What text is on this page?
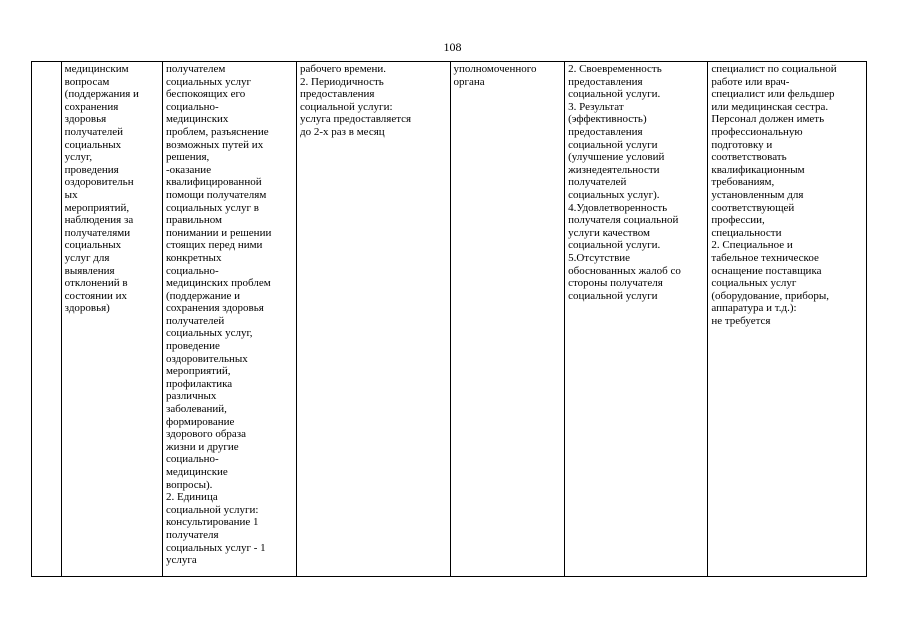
108
	медицинским
вопросам
(поддержания и
сохранения
здоровья
получателей
социальных
услуг,
проведения
оздоровительн
ых
мероприятий,
наблюдения за
получателями
социальных
услуг для
выявления
отклонений в
состоянии их
здоровья)	получателем
социальных услуг
беспокоящих его
социально-
медицинских
проблем, разъяснение
возможных путей их
решения,
-оказание
квалифицированной
помощи получателям
социальных услуг в
правильном
понимании и решении
стоящих перед ними
конкретных
социально-
медицинских проблем
(поддержание и
сохранения здоровья
получателей
социальных услуг,
проведение
оздоровительных
мероприятий,
профилактика
различных
заболеваний,
формирование
здорового образа
жизни и другие
социально-
медицинские
вопросы).
2. Единица
социальной услуги:
консультирование 1
получателя
социальных услуг - 1
услуга	рабочего времени.
2. Периодичность
предоставления
социальной услуги:
услуга предоставляется
до 2-х раз в месяц	уполномоченного
органа	2. Своевременность
предоставления
социальной услуги.
3. Результат
(эффективность)
предоставления
социальной услуги
(улучшение условий
жизнедеятельности
получателей
социальных услуг).
4.Удовлетворенность
получателя социальной
услуги качеством
социальной услуги.
5.Отсутствие
обоснованных жалоб со
стороны получателя
социальной услуги	специалист по социальной
работе или врач-
специалист или фельдшер
или медицинская сестра.
Персонал должен иметь
профессиональную
подготовку и
соответствовать
квалификационным
требованиям,
установленным для
соответствующей
профессии,
специальности
2. Специальное и
табельное техническое
оснащение поставщика
социальных услуг
(оборудование, приборы,
аппаратура и т.д.):
не требуется
